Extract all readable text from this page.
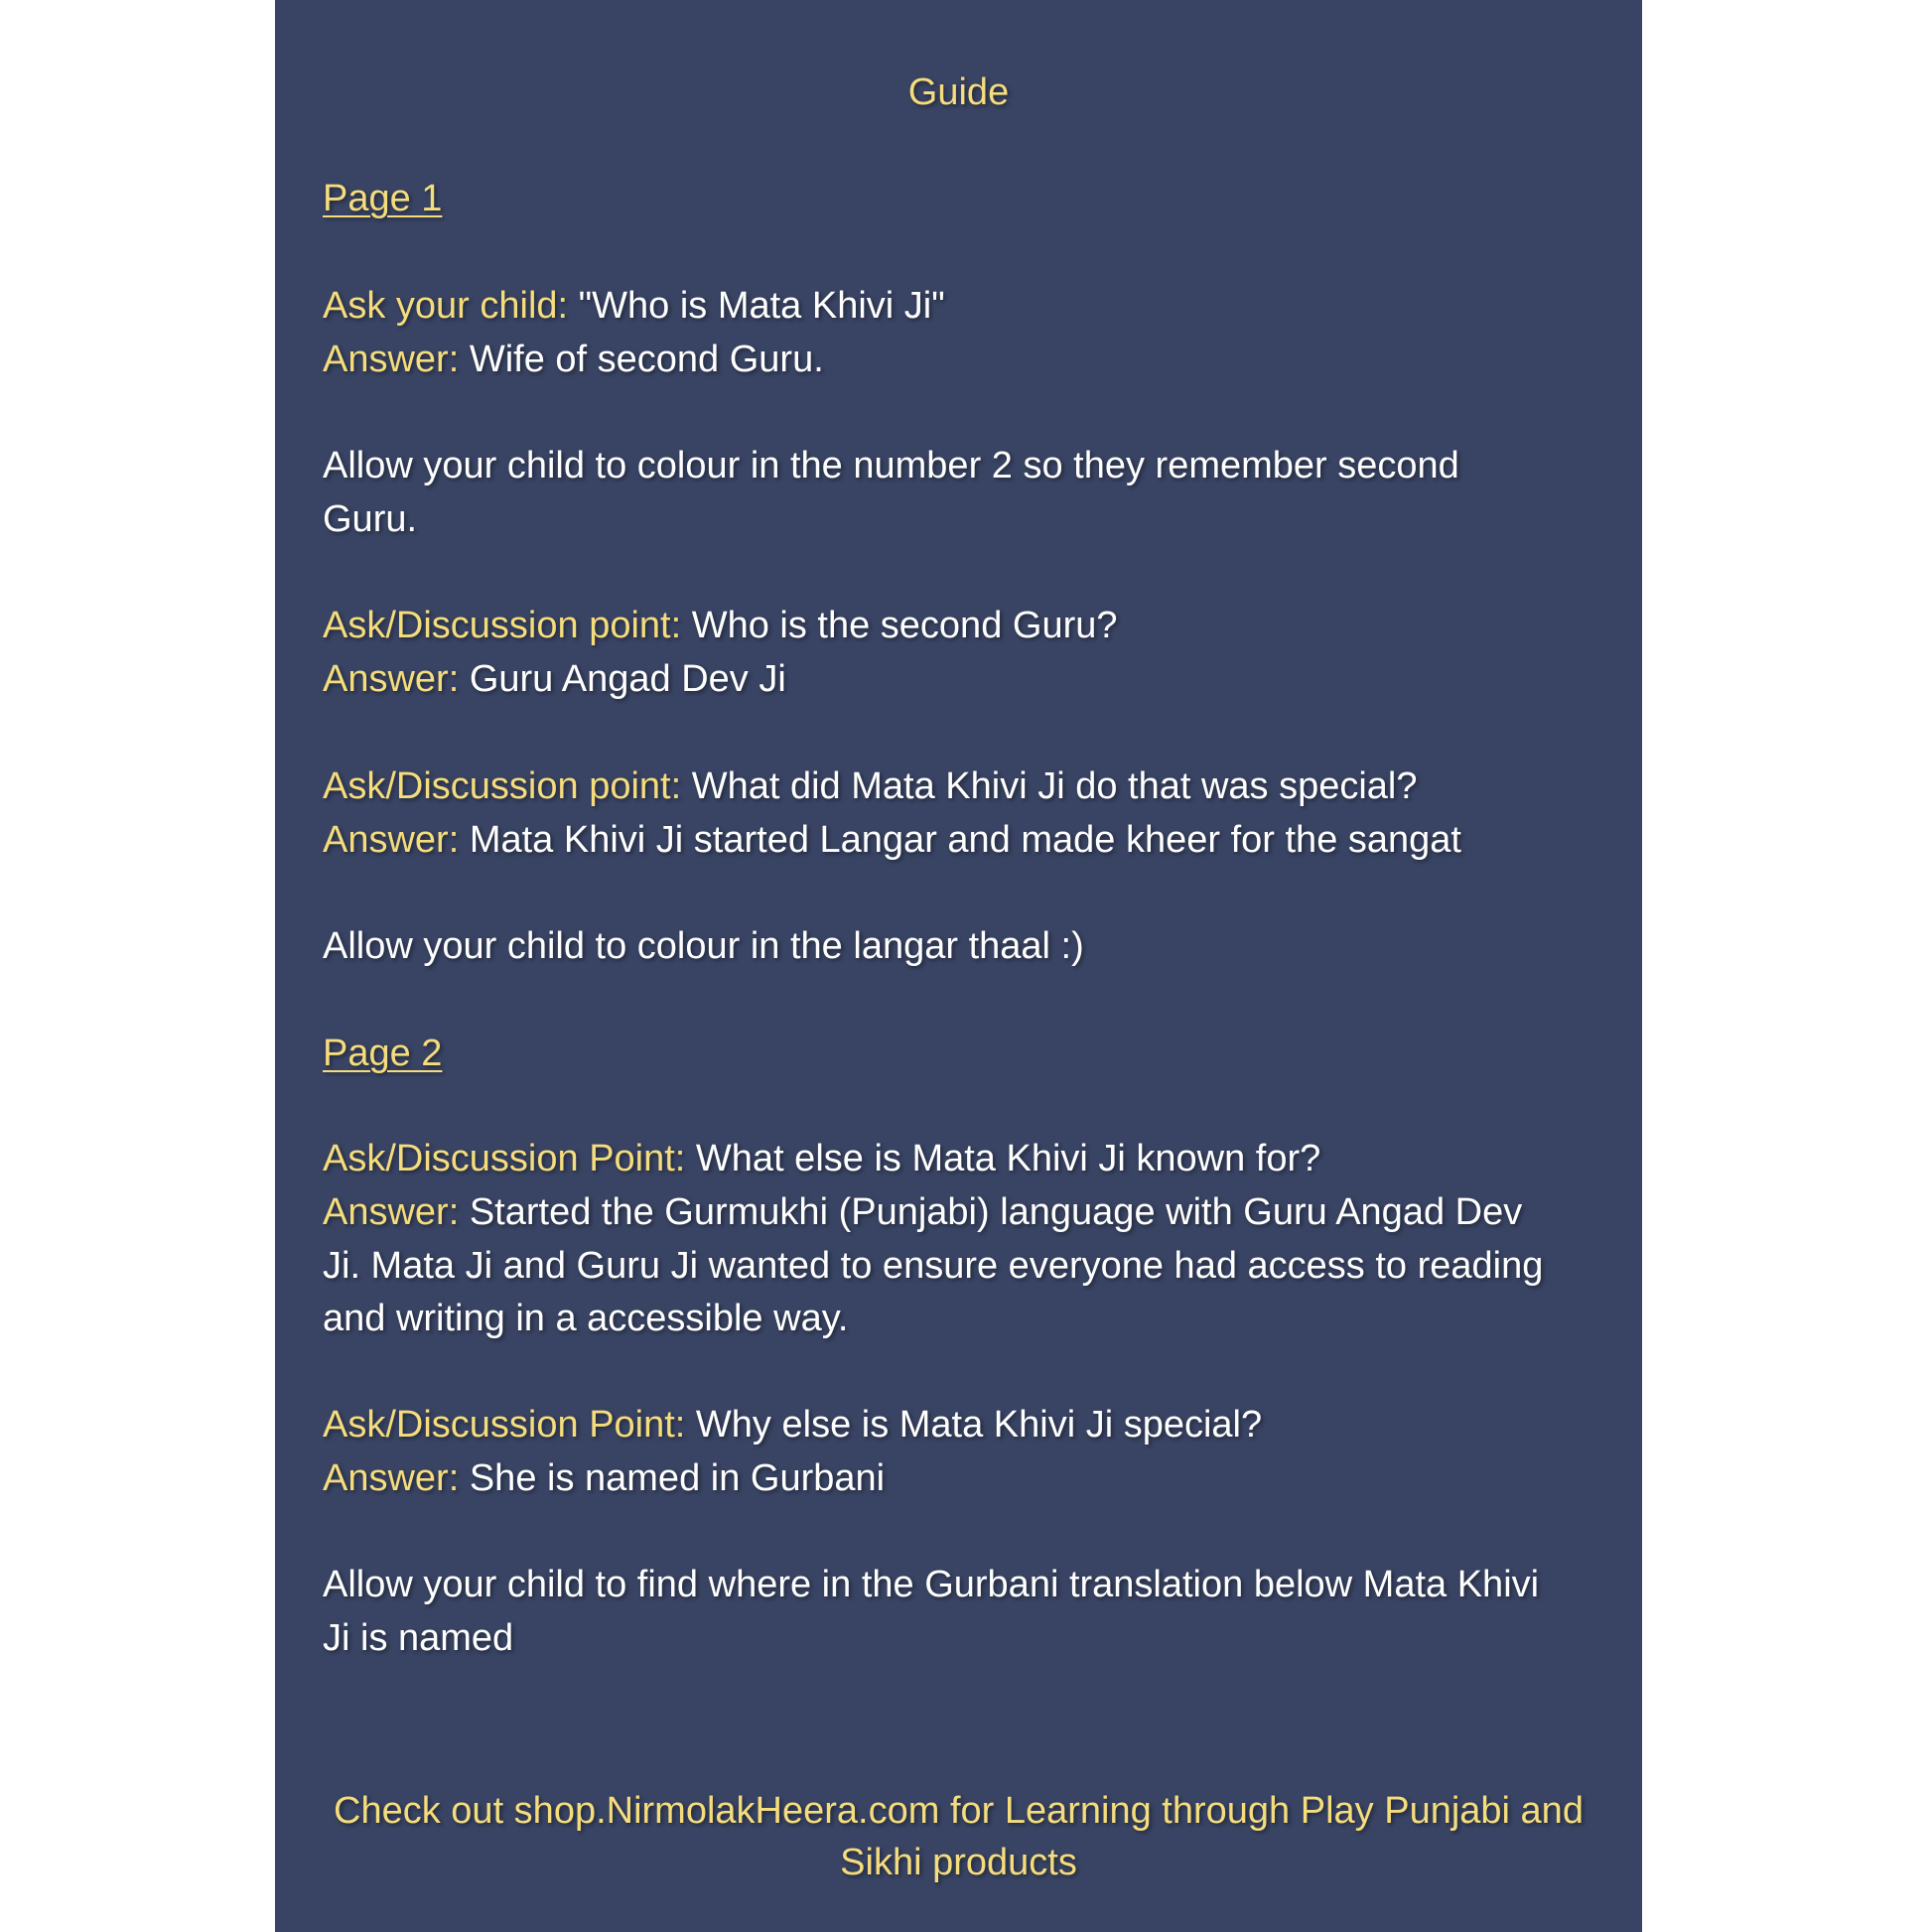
Guide
Page 1
Ask your child: "Who is Mata Khivi Ji"
Answer: Wife of second Guru.
Allow your child to colour in the number 2 so they remember second
Guru.
Ask/Discussion point: Who is the second Guru?
Answer: Guru Angad Dev Ji
Ask/Discussion point: What did Mata Khivi Ji do that was special?
Answer: Mata Khivi Ji started Langar and made kheer for the sangat
Allow your child to colour in the langar thaal :)
Page 2
Ask/Discussion Point: What else is Mata Khivi Ji known for?
Answer: Started the Gurmukhi (Punjabi) language with Guru Angad Dev
Ji. Mata Ji and Guru Ji wanted to ensure everyone had access to reading
and writing in a accessible way.
Ask/Discussion Point: Why else is Mata Khivi Ji special?
Answer: She is named in Gurbani
Allow your child to find where in the Gurbani translation below Mata Khivi
Ji is named
Check out shop.NirmolakHeera.com for Learning through Play Punjabi and
Sikhi products
